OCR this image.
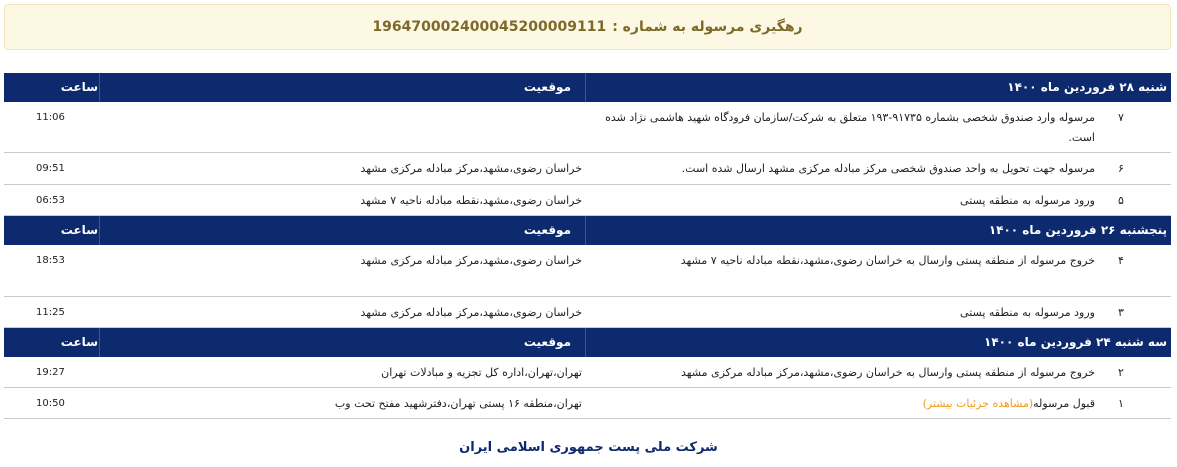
رهگیری مرسوله به شماره :
196470002400045200009111
شنبه ۲۸ فروردین ماه ۱۴۰۰
موقعیت
ساعت
۷
مرسوله وارد صندوق شخصی بشماره ۹۱۷۳۵-۱۹۳ متعلق به شرکت/سازمان فرودگاه شهید هاشمی نژاد شده است.
11:06
۶
مرسوله جهت تحویل به واحد صندوق شخصی مرکز مبادله مرکزی مشهد ارسال شده است.
خراسان رضوی،مشهد،مرکز مبادله مرکزی مشهد
09:51
۵
ورود مرسوله به منطقه پستی
خراسان رضوی،مشهد،نقطه مبادله ناحیه ۷ مشهد
06:53
پنجشنبه ۲۶ فروردین ماه ۱۴۰۰
موقعیت
ساعت
۴
خروج مرسوله از منطقه پستی وارسال به خراسان رضوی،مشهد،نقطه مبادله ناحیه ۷ مشهد
خراسان رضوی،مشهد،مرکز مبادله مرکزی مشهد
18:53
۳
ورود مرسوله به منطقه پستی
خراسان رضوی،مشهد،مرکز مبادله مرکزی مشهد
11:25
سه شنبه ۲۴ فروردین ماه ۱۴۰۰
موقعیت
ساعت
۲
خروج مرسوله از منطقه پستی وارسال به خراسان رضوی،مشهد،مرکز مبادله مرکزی مشهد
تهران،تهران،اداره کل تجزیه و مبادلات تهران
19:27
۱
قبول مرسوله(مشاهده جزئیات بیشتر)
تهران،منطقه ۱۶ پستی تهران،دفترشهید مفتح تحت وب
10:50
شرکت ملی پست جمهوری اسلامی ایران
